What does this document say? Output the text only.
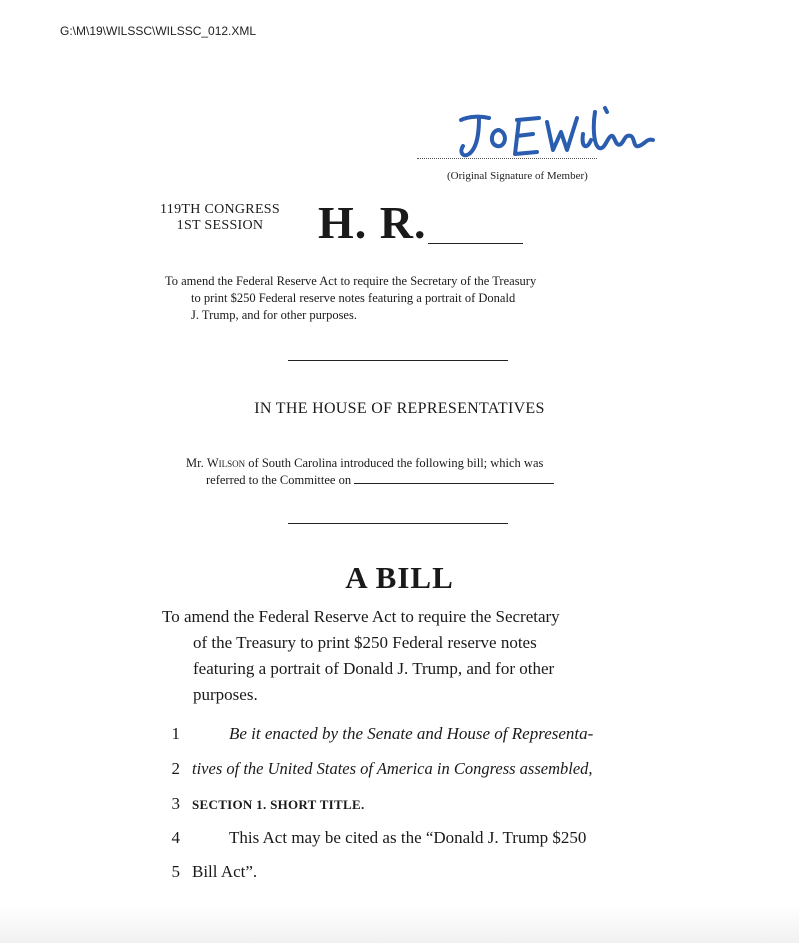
G:\M\19\WILSSC\WILSSC_012.XML
(Original Signature of Member)
119TH CONGRESS
1ST SESSION	H. R.
To amend the Federal Reserve Act to require the Secretary of the Treasury
to print $250 Federal reserve notes featuring a portrait of Donald
J. Trump, and for other purposes.
IN THE HOUSE OF REPRESENTATIVES
Mr. Wilson of South Carolina introduced the following bill; which was
referred to the Committee on
A BILL
To amend the Federal Reserve Act to require the Secretary
of the Treasury to print $250 Federal reserve notes
featuring a portrait of Donald J. Trump, and for other
purposes.
1	Be it enacted by the Senate and House of Representa-
2 tives of the United States of America in Congress assembled,
3 SECTION 1. SHORT TITLE.
4	This Act may be cited as the “Donald J. Trump $250
5 Bill Act”.
